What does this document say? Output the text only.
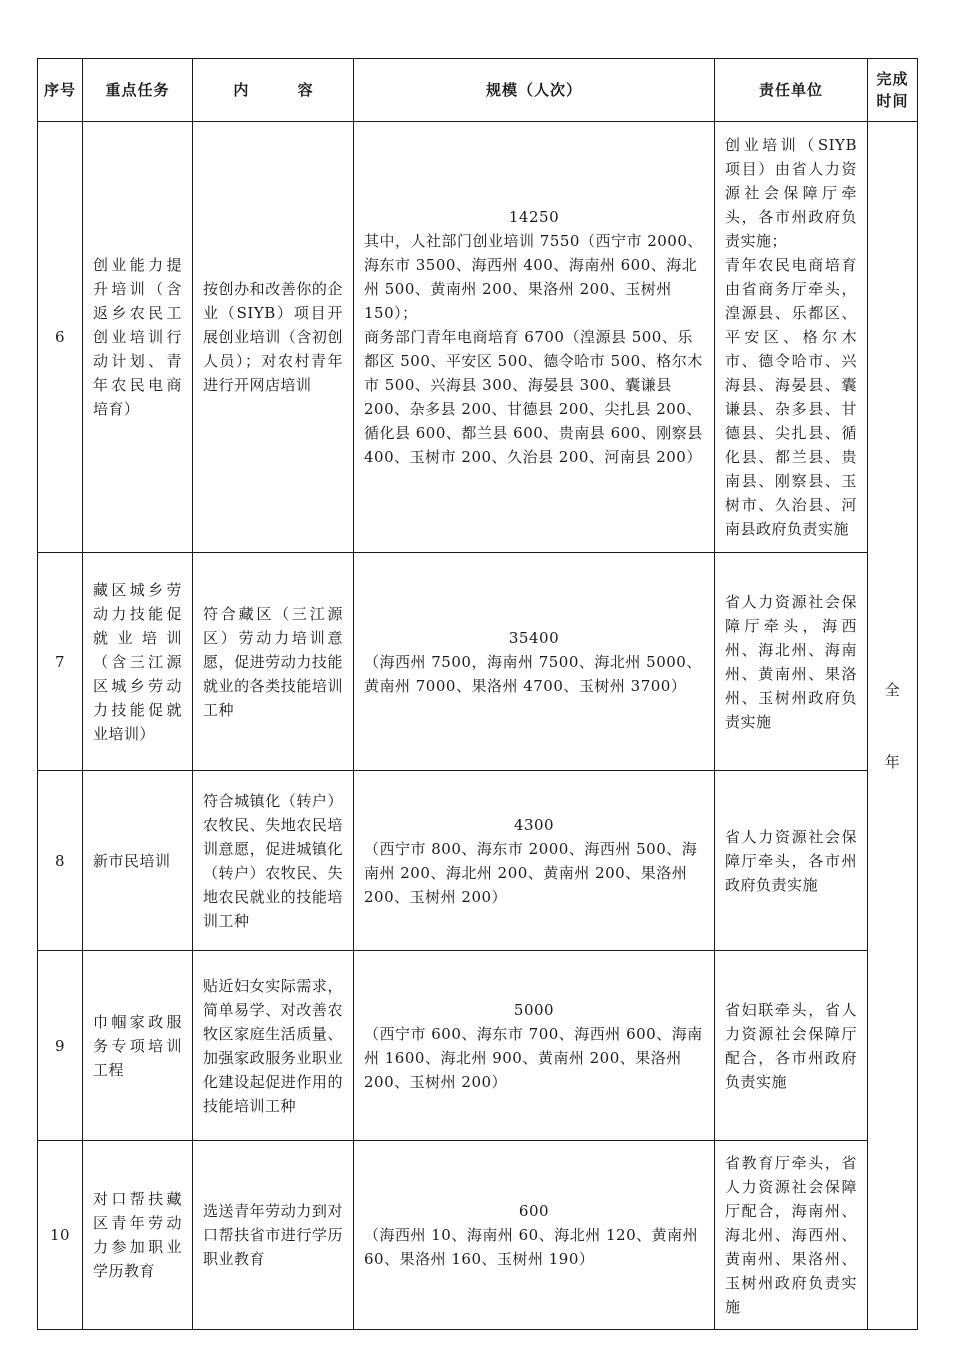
序号	重点任务	内 容	规模（人次）	责任单位	完成
时间

6	创业能力提升培训（含返乡农民工创业培训行动计划、青年农民电商培育）	按创办和改善你的企业（SIYB）项目开展创业培训（含初创人员）；对农村青年进行开网店培训	14250
其中，人社部门创业培训 7550（西宁市 2000、海东市 3500、海西州 400、海南州 600、海北州 500、黄南州 200、果洛州 200、玉树州 150）；
商务部门青年电商培育 6700（湟源县 500、乐都区 500、平安区 500、德令哈市 500、格尔木市 500、兴海县 300、海晏县 300、囊谦县 200、杂多县 200、甘德县 200、尖扎县 200、循化县 600、都兰县 600、贵南县 600、刚察县 400、玉树市 200、久治县 200、河南县 200）	创业培训（SIYB 项目）由省人力资源社会保障厅牵头，各市州政府负责实施；
青年农民电商培育由省商务厅牵头，湟源县、乐都区、平安区、格尔木市、德令哈市、兴海县、海晏县、囊谦县、杂多县、甘德县、尖扎县、循化县、都兰县、贵南县、刚察县、玉树市、久治县、河南县政府负责实施	全
年

7	藏区城乡劳动力技能促就业培训（含三江源区城乡劳动力技能促就业培训）	符合藏区（三江源区）劳动力培训意愿，促进劳动力技能就业的各类技能培训工种	35400
（海西州 7500，海南州 7500、海北州 5000、黄南州 7000、果洛州 4700、玉树州 3700）	省人力资源社会保障厅牵头，海西州、海北州、海南州、黄南州、果洛州、玉树州政府负责实施	

8	新市民培训	符合城镇化（转户）农牧民、失地农民培训意愿，促进城镇化（转户）农牧民、失地农民就业的技能培训工种	4300
（西宁市 800、海东市 2000、海西州 500、海南州 200、海北州 200、黄南州 200、果洛州 200、玉树州 200）	省人力资源社会保障厅牵头，各市州政府负责实施	

9	巾帼家政服务专项培训工程	贴近妇女实际需求，简单易学、对改善农牧区家庭生活质量、加强家政服务业职业化建设起促进作用的技能培训工种	5000
（西宁市 600、海东市 700、海西州 600、海南州 1600、海北州 900、黄南州 200、果洛州 200、玉树州 200）	省妇联牵头，省人力资源社会保障厅配合，各市州政府负责实施	

10	对口帮扶藏区青年劳动力参加职业学历教育	选送青年劳动力到对口帮扶省市进行学历职业教育	600
（海西州 10、海南州 60、海北州 120、黄南州 60、果洛州 160、玉树州 190）	省教育厅牵头，省人力资源社会保障厅配合，海南州、海北州、海西州、黄南州、果洛州、玉树州政府负责实施	
